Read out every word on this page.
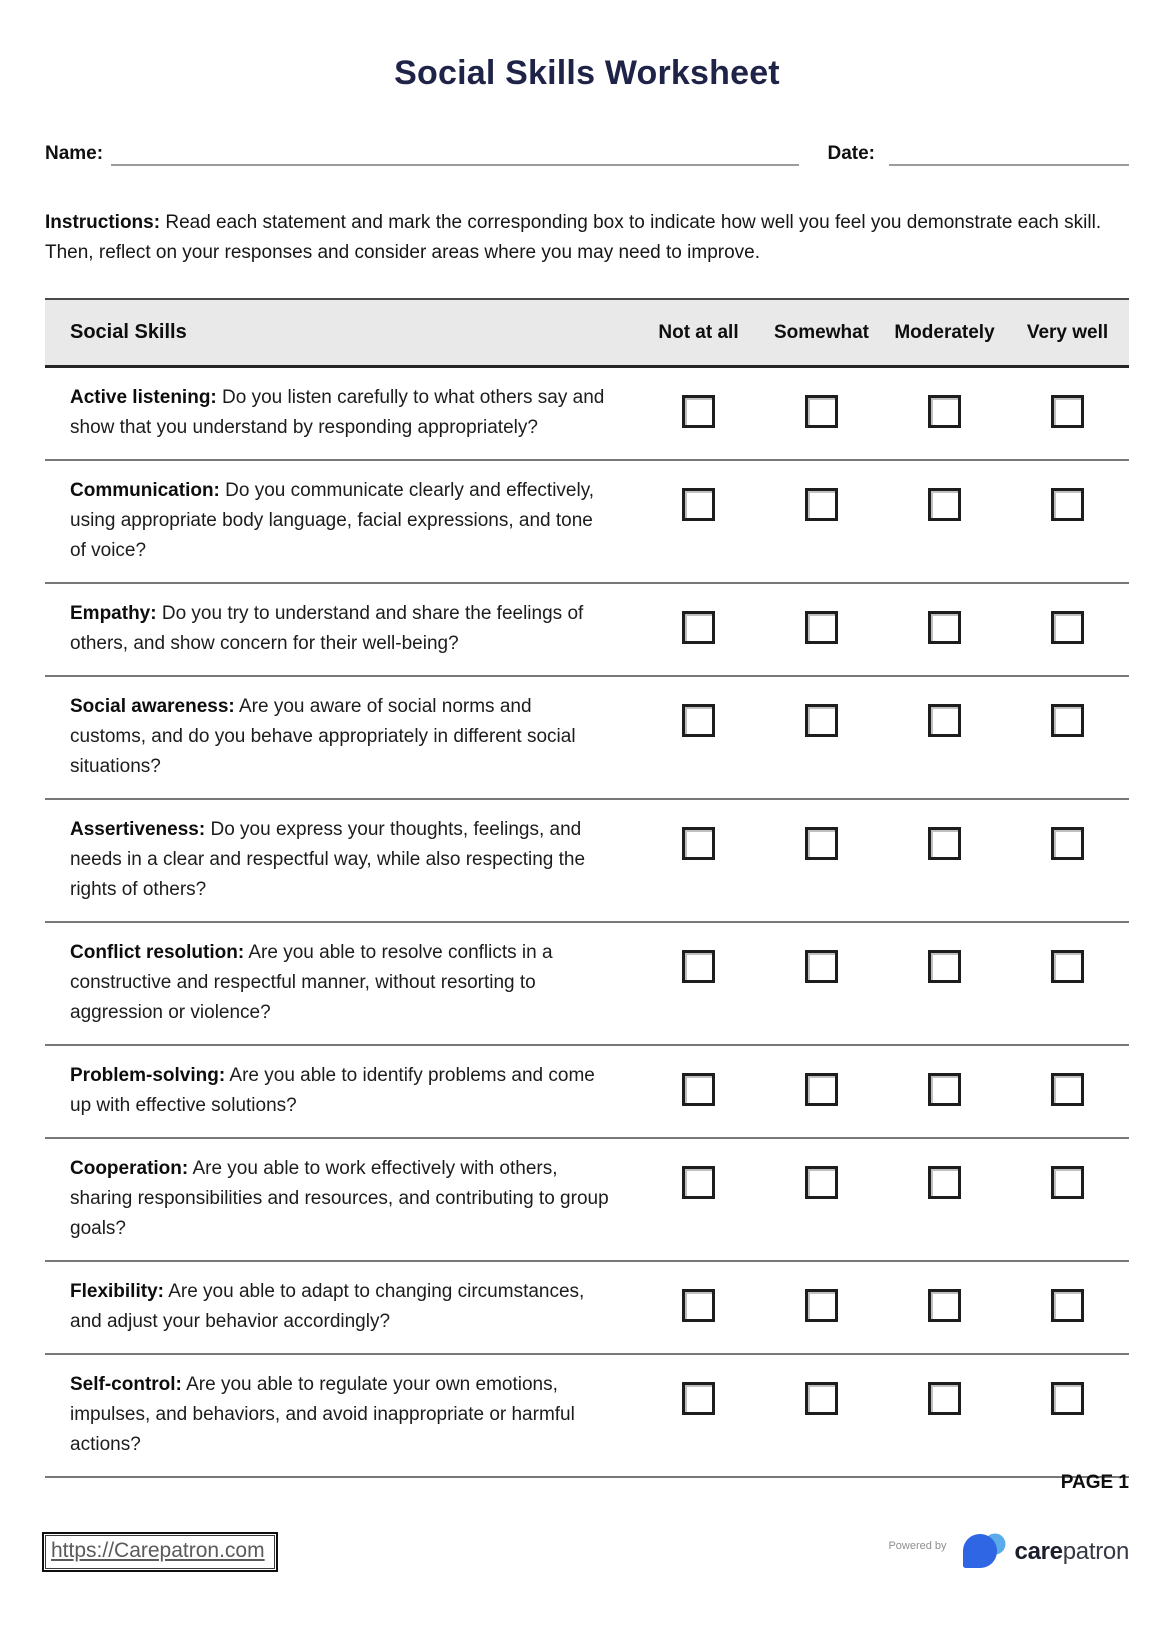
Social Skills Worksheet
Name:	Date:
Instructions: Read each statement and mark the corresponding box to indicate how well you feel you demonstrate each skill. Then, reflect on your responses and consider areas where you may need to improve.
Social Skills	Not at all	Somewhat	Moderately	Very well
Active listening: Do you listen carefully to what others say and show that you understand by responding appropriately?
Communication: Do you communicate clearly and effectively, using appropriate body language, facial expressions, and tone of voice?
Empathy: Do you try to understand and share the feelings of others, and show concern for their well-being?
Social awareness: Are you aware of social norms and customs, and do you behave appropriately in different social situations?
Assertiveness: Do you express your thoughts, feelings, and needs in a clear and respectful way, while also respecting the rights of others?
Conflict resolution: Are you able to resolve conflicts in a constructive and respectful manner, without resorting to aggression or violence?
Problem-solving: Are you able to identify problems and come up with effective solutions?
Cooperation: Are you able to work effectively with others, sharing responsibilities and resources, and contributing to group goals?
Flexibility: Are you able to adapt to changing circumstances, and adjust your behavior accordingly?
Self-control: Are you able to regulate your own emotions, impulses, and behaviors, and avoid inappropriate or harmful actions?
PAGE 1
https://Carepatron.com	Powered by	carepatron
